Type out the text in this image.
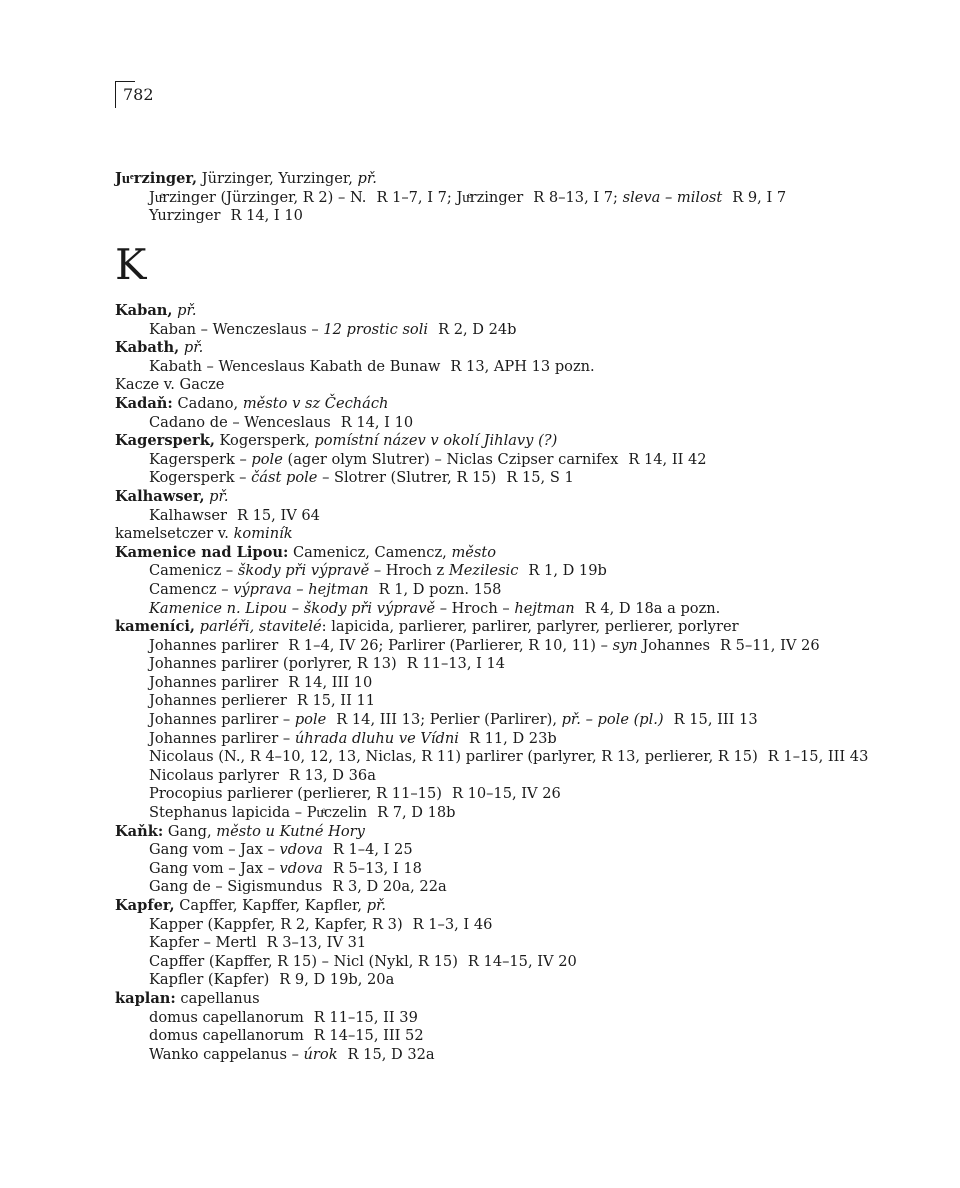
782
Juͤrzinger, Jürzinger, Yurzinger, př.
Juͤrzinger (Jürzinger, R 2) – N. R 1–7, I 7; Juͤrzinger R 8–13, I 7; sleva – milost R 9, I 7
Yurzinger R 14, I 10
K
Kaban, př.
Kaban – Wenczeslaus – 12 prostic soli R 2, D 24b
Kabath, př.
Kabath – Wenceslaus Kabath de Bunaw R 13, APH 13 pozn.
Kacze v. Gacze
Kadaň: Cadano, město v sz Čechách
Cadano de – Wenceslaus R 14, I 10
Kagersperk, Kogersperk, pomístní název v okolí Jihlavy (?)
Kagersperk – pole (ager olym Slutrer) – Niclas Czipser carnifex R 14, II 42
Kogersperk – část pole – Slotrer (Slutrer, R 15) R 15, S 1
Kalhawser, př.
Kalhawser R 15, IV 64
kamelsetczer v. kominík
Kamenice nad Lipou: Camenicz, Camencz, město
Camenicz – škody při výpravě – Hroch z Mezilesic R 1, D 19b
Camencz – výprava – hejtman R 1, D pozn. 158
Kamenice n. Lipou – škody při výpravě – Hroch – hejtman R 4, D 18a a pozn.
kameníci, parléři, stavitelé: lapicida, parlierer, parlirer, parlyrer, perlierer, porlyrer
Johannes parlirer R 1–4, IV 26; Parlirer (Parlierer, R 10, 11) – syn Johannes R 5–11, IV 26
Johannes parlirer (porlyrer, R 13) R 11–13, I 14
Johannes parlirer R 14, III 10
Johannes perlierer R 15, II 11
Johannes parlirer – pole R 14, III 13; Perlier (Parlirer), př. – pole (pl.) R 15, III 13
Johannes parlirer – úhrada dluhu ve Vídni R 11, D 23b
Nicolaus (N., R 4–10, 12, 13, Niclas, R 11) parlirer (parlyrer, R 13, perlierer, R 15) R 1–15, III 43
Nicolaus parlyrer R 13, D 36a
Procopius parlierer (perlierer, R 11–15) R 10–15, IV 26
Stephanus lapicida – Puͤczelin R 7, D 18b
Kaňk: Gang, město u Kutné Hory
Gang vom – Jax – vdova R 1–4, I 25
Gang vom – Jax – vdova R 5–13, I 18
Gang de – Sigismundus R 3, D 20a, 22a
Kapfer, Capffer, Kapffer, Kapfler, př.
Kapper (Kappfer, R 2, Kapfer, R 3) R 1–3, I 46
Kapfer – Mertl R 3–13, IV 31
Capffer (Kapffer, R 15) – Nicl (Nykl, R 15) R 14–15, IV 20
Kapfler (Kapfer) R 9, D 19b, 20a
kaplan: capellanus
domus capellanorum R 11–15, II 39
domus capellanorum R 14–15, III 52
Wanko cappelanus – úrok R 15, D 32a
